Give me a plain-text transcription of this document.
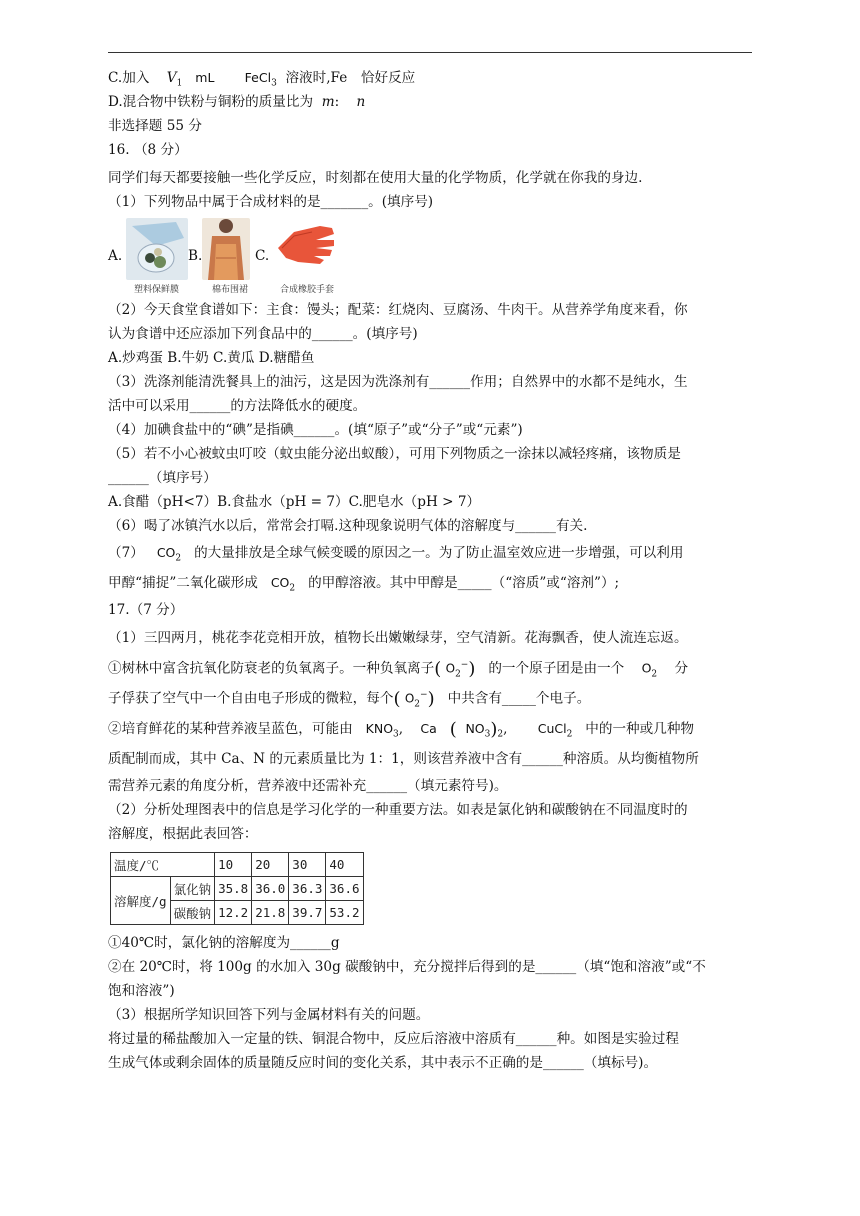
C.加入 $V_1$ mL FeCl$_3$ 溶液时,Fe　恰好反应
D.混合物中铁粉与铜粉的质量比为 m: n
非选择题 55 分
16. （8 分）
同学们每天都要接触一些化学反应，时刻都在使用大量的化学物质，化学就在你我的身边.
（1）下列物品中属于合成材料的是_______。(填序号)
A.
塑料保鲜膜
B.
棉布围裙
C.
合成橡胶手套
（2）今天食堂食谱如下：主食：馒头；配菜：红烧肉、豆腐汤、牛肉干。从营养学角度来看，你
认为食谱中还应添加下列食品中的______。(填序号)
A.炒鸡蛋 B.牛奶 C.黄瓜 D.糖醋鱼
（3）洗涤剂能清洗餐具上的油污，这是因为洗涤剂有______作用；自然界中的水都不是纯水，生
活中可以采用______的方法降低水的硬度。
（4）加碘食盐中的“碘”是指碘______。(填“原子”或“分子”或“元素”)
（5）若不小心被蚊虫叮咬（蚊虫能分泌出蚁酸），可用下列物质之一涂抹以减轻疼痛，该物质是
______（填序号）
A.食醋（pH<7）B.食盐水（pH = 7）C.肥皂水（pH > 7）
（6）喝了冰镇汽水以后，常常会打嗝.这种现象说明气体的溶解度与______有关.
（7） $CO_2$ 的大量排放是全球气候变暖的原因之一。为了防止温室效应进一步增强，可以利用
甲醇“捕捉”二氧化碳形成 $CO_2$ 的甲醇溶液。其中甲醇是_____（“溶质”或“溶剂”）;
17.（7 分）
（1）三四两月，桃花李花竞相开放，植物长出嫩嫩绿芽，空气清新。花海飘香，使人流连忘返。
①树林中富含抗氧化防衰老的负氧离子。一种负氧离子( $O_2^-$) 的一个原子团是由一个 $O_2$ 分
子俘获了空气中一个自由电子形成的微粒，每个( $O_2^-$) 中共含有_____个电子。
②培育鲜花的某种营养液呈蓝色，可能由 $KNO_3$,    Ca ( $NO_3)_2$,       CuCl$_2$ 中的一种或几种物
质配制而成，其中 Ca、N 的元素质量比为 1：1，则该营养液中含有______种溶质。从均衡植物所
需营养元素的角度分析，营养液中还需补充______（填元素符号)。
（2）分析处理图表中的信息是学习化学的一种重要方法。如表是氯化钠和碳酸钠在不同温度时的
溶解度，根据此表回答：
温度/℃		10	20	30	40
溶解度/g	氯化钠	35.8	36.0	36.3	36.6
	碳酸钠	12.2	21.8	39.7	53.2
①40℃时，氯化钠的溶解度为______g
②在 20℃时，将 100g 的水加入 30g 碳酸钠中，充分搅拌后得到的是______（填“饱和溶液”或“不
饱和溶液”)
（3）根据所学知识回答下列与金属材料有关的问题。
将过量的稀盐酸加入一定量的铁、铜混合物中，反应后溶液中溶质有______种。如图是实验过程
生成气体或剩余固体的质量随反应时间的变化关系，其中表示不正确的是______（填标号)。
